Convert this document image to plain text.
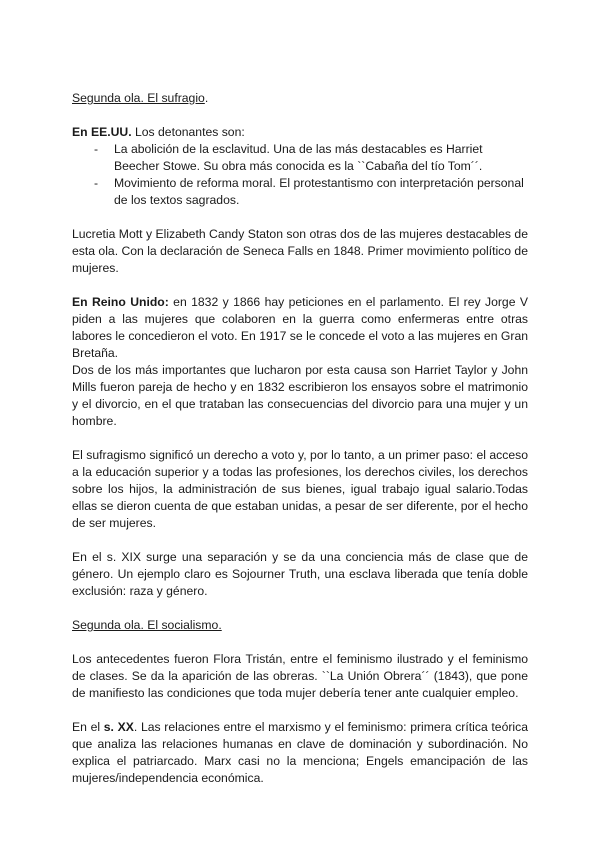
Segunda ola. El sufragio.

En EE.UU. Los detonantes son:

- La abolición de la esclavitud. Una de las más destacables es Harriet Beecher Stowe. Su obra más conocida es la ``Cabaña del tío Tom´´.
- Movimiento de reforma moral. El protestantismo con interpretación personal de los textos sagrados.

Lucretia Mott y Elizabeth Candy Staton son otras dos de las mujeres destacables de esta ola. Con la declaración de Seneca Falls en 1848. Primer movimiento político de mujeres.

En Reino Unido: en 1832 y 1866 hay peticiones en el parlamento. El rey Jorge V piden a las mujeres que colaboren en la guerra como enfermeras entre otras labores le concedieron el voto. En 1917 se le concede el voto a las mujeres en Gran Bretaña.

Dos de los más importantes que lucharon por esta causa son Harriet Taylor y John Mills fueron pareja de hecho y en 1832 escribieron los ensayos sobre el matrimonio y el divorcio, en el que trataban las consecuencias del divorcio para una mujer y un hombre.

El sufragismo significó un derecho a voto y, por lo tanto, a un primer paso: el acceso a la educación superior y a todas las profesiones, los derechos civiles, los derechos sobre los hijos, la administración de sus bienes, igual trabajo igual salario.Todas ellas se dieron cuenta de que estaban unidas, a pesar de ser diferente, por el hecho de ser mujeres.

En el s. XIX surge una separación y se da una conciencia más de clase que de género. Un ejemplo claro es Sojourner Truth, una esclava liberada que tenía doble exclusión: raza y género.

Segunda ola. El socialismo.

Los antecedentes fueron Flora Tristán, entre el feminismo ilustrado y el feminismo de clases. Se da la aparición de las obreras. ``La Unión Obrera´´ (1843), que pone de manifiesto las condiciones que toda mujer debería tener ante cualquier empleo.

En el s. XX. Las relaciones entre el marxismo y el feminismo: primera crítica teórica que analiza las relaciones humanas en clave de dominación y subordinación. No explica el patriarcado. Marx casi no la menciona; Engels emancipación de las mujeres/independencia económica.
